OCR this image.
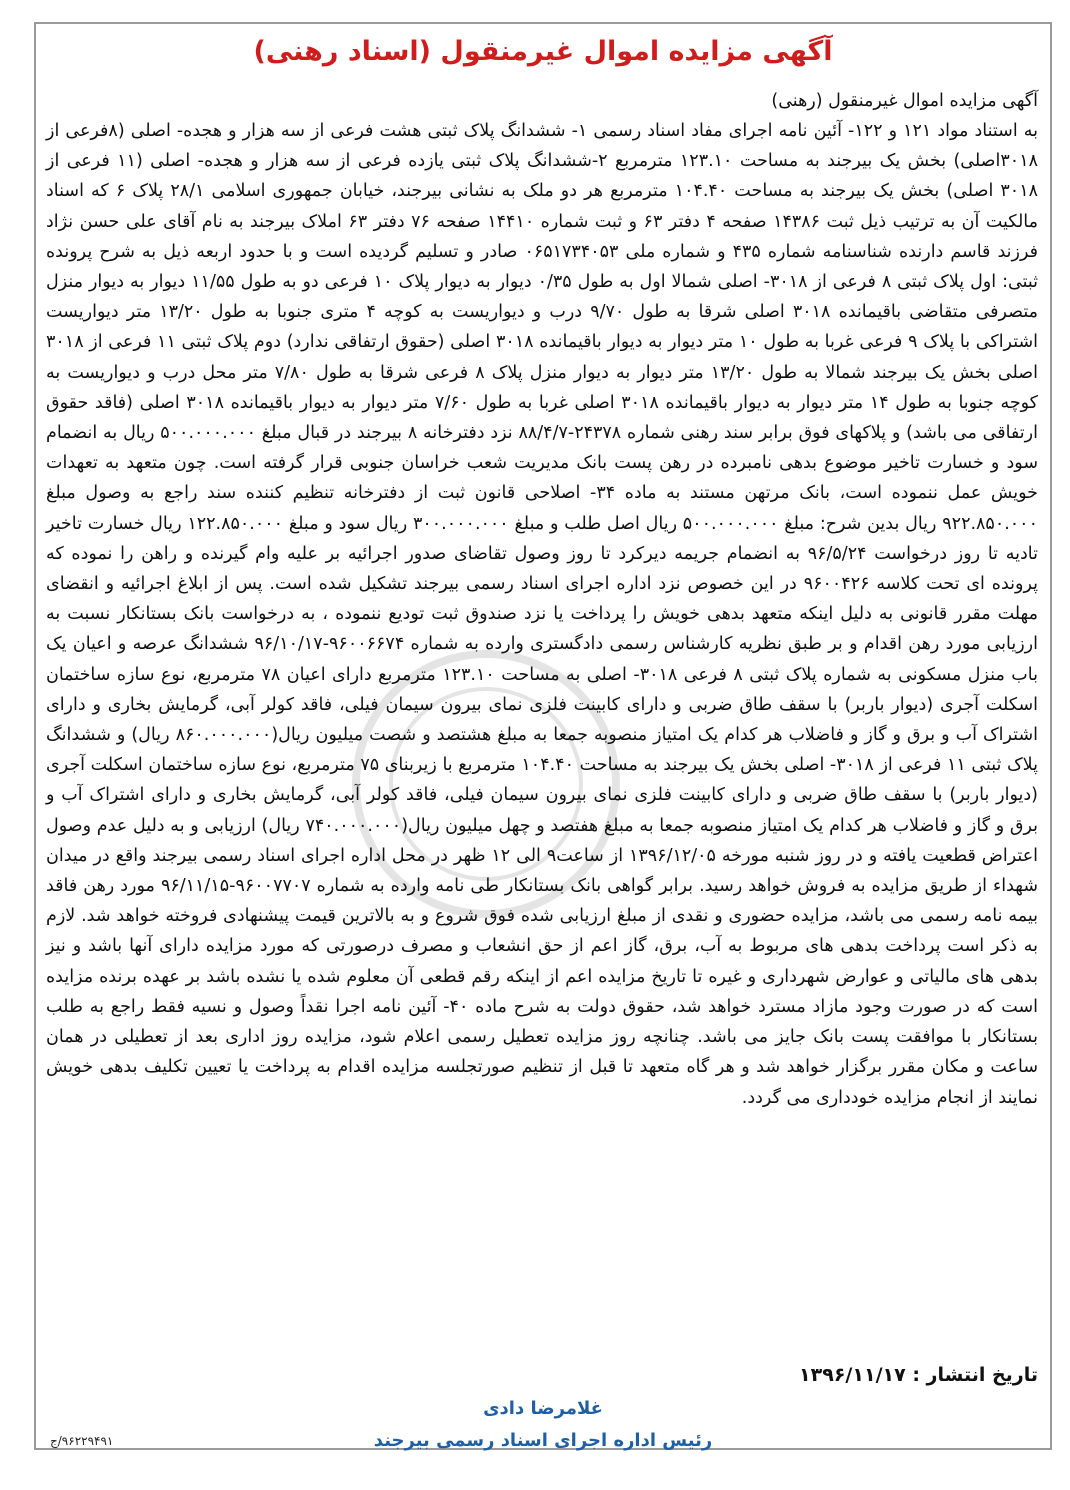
آگهی مزایده اموال غیرمنقول (اسناد رهنی)

آگهی مزایده اموال غیرمنقول (رهنی)

به استناد مواد ۱۲۱ و ۱۲۲- آئین نامه اجرای مفاد اسناد رسمی ۱- ششدانگ پلاک ثبتی هشت فرعی از سه هزار و هجده- اصلی (۸فرعی از ۳۰۱۸اصلی) بخش یک بیرجند به مساحت ۱۲۳.۱۰ مترمربع ۲-ششدانگ پلاک ثبتی یازده فرعی از سه هزار و هجده- اصلی (۱۱ فرعی از ۳۰۱۸ اصلی) بخش یک بیرجند به مساحت ۱۰۴.۴۰ مترمربع هر دو ملک به نشانی بیرجند، خیابان جمهوری اسلامی ۲۸/۱ پلاک ۶ که اسناد مالکیت آن به ترتیب ذیل ثبت ۱۴۳۸۶ صفحه ۴ دفتر ۶۳ و ثبت شماره ۱۴۴۱۰ صفحه ۷۶ دفتر ۶۳ املاک بیرجند به نام آقای علی حسن نژاد فرزند قاسم دارنده شناسنامه شماره ۴۳۵ و شماره ملی ۰۶۵۱۷۳۴۰۵۳ صادر و تسلیم گردیده است و با حدود اربعه ذیل به شرح پرونده ثبتی: اول پلاک ثبتی ۸ فرعی از ۳۰۱۸- اصلی شمالا اول به طول ۰/۳۵ دیوار به دیوار پلاک ۱۰ فرعی دو به طول ۱۱/۵۵ دیوار به دیوار منزل متصرفی متقاضی باقیمانده ۳۰۱۸ اصلی شرقا به طول ۹/۷۰ درب و دیواریست به کوچه ۴ متری جنوبا به طول ۱۳/۲۰ متر دیواریست اشتراکی با پلاک ۹ فرعی غربا به طول ۱۰ متر دیوار به دیوار باقیمانده ۳۰۱۸ اصلی (حقوق ارتفاقی ندارد) دوم پلاک ثبتی ۱۱ فرعی از ۳۰۱۸ اصلی بخش یک بیرجند شمالا به طول ۱۳/۲۰ متر دیوار به دیوار منزل پلاک ۸ فرعی شرقا به طول ۷/۸۰ متر محل درب و دیواریست به کوچه جنوبا به طول ۱۴ متر دیوار به دیوار باقیمانده ۳۰۱۸ اصلی غربا به طول ۷/۶۰ متر دیوار به دیوار باقیمانده ۳۰۱۸ اصلی (فاقد حقوق ارتفاقی می باشد) و پلاکهای فوق برابر سند رهنی شماره ۲۴۳۷۸-۸۸/۴/۷ نزد دفترخانه ۸ بیرجند در قبال مبلغ ۵۰۰.۰۰۰.۰۰۰ ریال به انضمام سود و خسارت تاخیر موضوع بدهی نامبرده در رهن پست بانک مدیریت شعب خراسان جنوبی قرار گرفته است. چون متعهد به تعهدات خویش عمل ننموده است، بانک مرتهن مستند به ماده ۳۴- اصلاحی قانون ثبت از دفترخانه تنظیم کننده سند راجع به وصول مبلغ ۹۲۲.۸۵۰.۰۰۰ ریال بدین شرح: مبلغ ۵۰۰.۰۰۰.۰۰۰ ریال اصل طلب و مبلغ ۳۰۰.۰۰۰.۰۰۰ ریال سود و مبلغ ۱۲۲.۸۵۰.۰۰۰ ریال خسارت تاخیر تادیه تا روز درخواست ۹۶/۵/۲۴ به انضمام جریمه دیرکرد تا روز وصول تقاضای صدور اجرائیه بر علیه وام گیرنده و راهن را نموده که پرونده ای تحت کلاسه ۹۶۰۰۴۲۶ در این خصوص نزد اداره اجرای اسناد رسمی بیرجند تشکیل شده است. پس از ابلاغ اجرائیه و انقضای مهلت مقرر قانونی به دلیل اینکه متعهد بدهی خویش را پرداخت یا نزد صندوق ثبت تودیع ننموده ، به درخواست بانک بستانکار نسبت به ارزیابی مورد رهن اقدام و بر طبق نظریه کارشناس رسمی دادگستری وارده به شماره ۹۶۰۰۶۶۷۴-۹۶/۱۰/۱۷ ششدانگ عرصه و اعیان یک باب منزل مسکونی به شماره پلاک ثبتی ۸ فرعی ۳۰۱۸- اصلی به مساحت ۱۲۳.۱۰ مترمربع دارای اعیان ۷۸ مترمربع، نوع سازه ساختمان اسکلت آجری (دیوار باربر) با سقف طاق ضربی و دارای کابینت فلزی نمای بیرون سیمان فیلی، فاقد کولر آبی، گرمایش بخاری و دارای اشتراک آب و برق و گاز و فاضلاب هر کدام یک امتیاز منصوبه جمعا به مبلغ هشتصد و شصت میلیون ریال(۸۶۰.۰۰۰.۰۰۰ ریال) و ششدانگ پلاک ثبتی ۱۱ فرعی از ۳۰۱۸- اصلی بخش یک بیرجند به مساحت ۱۰۴.۴۰ مترمربع با زیربنای ۷۵ مترمربع، نوع سازه ساختمان اسکلت آجری (دیوار باربر) با سقف طاق ضربی و دارای کابینت فلزی نمای بیرون سیمان فیلی، فاقد کولر آبی، گرمایش بخاری و دارای اشتراک آب و برق و گاز و فاضلاب هر کدام یک امتیاز منصوبه جمعا به مبلغ هفتصد و چهل میلیون ریال(۷۴۰.۰۰۰.۰۰۰ ریال) ارزیابی و به دلیل عدم وصول اعتراض قطعیت یافته و در روز شنبه مورخه ۱۳۹۶/۱۲/۰۵ از ساعت۹ الی ۱۲ ظهر در محل اداره اجرای اسناد رسمی بیرجند واقع در میدان شهداء از طریق مزایده به فروش خواهد رسید. برابر گواهی بانک بستانکار طی نامه وارده به شماره ۹۶۰۰۷۷۰۷-۹۶/۱۱/۱۵ مورد رهن فاقد بیمه نامه رسمی می باشد، مزایده حضوری و نقدی از مبلغ ارزیابی شده فوق شروع و به بالاترین قیمت پیشنهادی فروخته خواهد شد. لازم به ذکر است پرداخت بدهی های مربوط به آب، برق، گاز اعم از حق انشعاب و مصرف درصورتی که مورد مزایده دارای آنها باشد و نیز بدهی های مالیاتی و عوارض شهرداری و غیره تا تاریخ مزایده اعم از اینکه رقم قطعی آن معلوم شده یا نشده باشد بر عهده برنده مزایده است که در صورت وجود مازاد مسترد خواهد شد، حقوق دولت به شرح ماده ۴۰- آئین نامه اجرا نقداً وصول و نسیه فقط راجع به طلب بستانکار با موافقت پست بانک جایز می باشد. چنانچه روز مزایده تعطیل رسمی اعلام شود، مزایده روز اداری بعد از تعطیلی در همان ساعت و مکان مقرر برگزار خواهد شد و هر گاه متعهد تا قبل از تنظیم صورتجلسه مزایده اقدام به پرداخت یا تعیین تکلیف بدهی خویش نمایند از انجام مزایده خودداری می گردد.

تاریخ انتشار : ۱۳۹۶/۱۱/۱۷
غلامرضا دادی
رئیس اداره اجرای اسناد رسمی بیرجند
۹۶۲۲۹۴۹۱/ج
